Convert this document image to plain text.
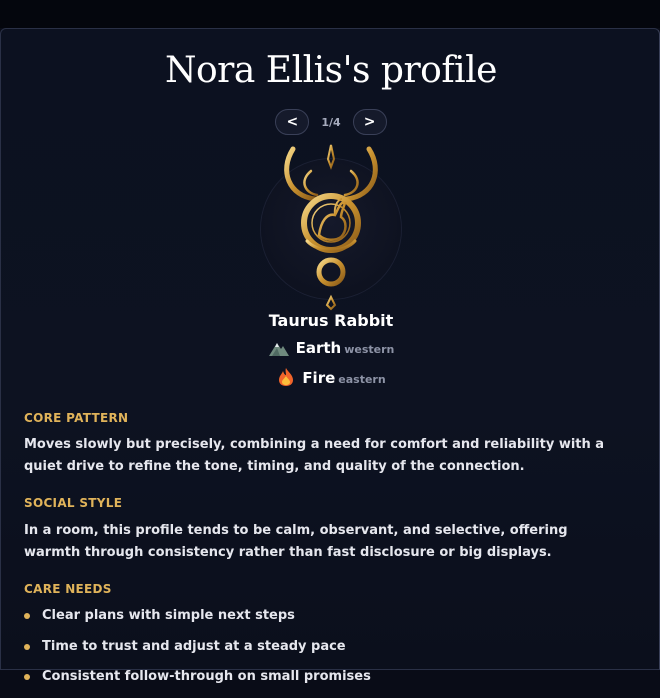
Nora Ellis's profile
<	1/4	>
Taurus Rabbit
Earth western
Fire eastern
CORE PATTERN

Moves slowly but precisely, combining a need for comfort and reliability with a quiet drive to refine the tone, timing, and quality of the connection.

SOCIAL STYLE

In a room, this profile tends to be calm, observant, and selective, offering warmth through consistency rather than fast disclosure or big displays.

CARE NEEDS
Clear plans with simple next steps
Time to trust and adjust at a steady pace
Consistent follow-through on small promises
